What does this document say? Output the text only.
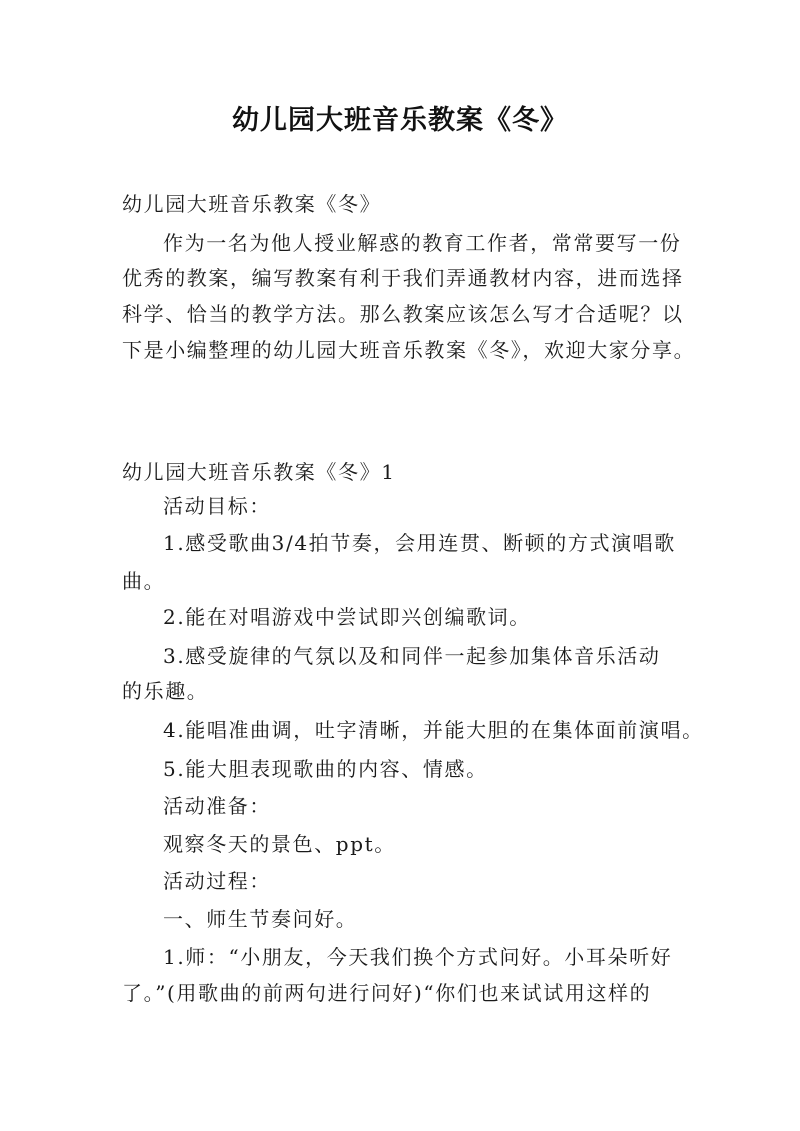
幼儿园大班音乐教案《冬》
幼儿园大班音乐教案《冬》
作为一名为他人授业解惑的教育工作者，常常要写一份
优秀的教案，编写教案有利于我们弄通教材内容，进而选择
科学、恰当的教学方法。那么教案应该怎么写才合适呢？以
下是小编整理的幼儿园大班音乐教案《冬》，欢迎大家分享。
幼儿园大班音乐教案《冬》1
活动目标：
1.感受歌曲3/4拍节奏，会用连贯、断顿的方式演唱歌
曲。
2.能在对唱游戏中尝试即兴创编歌词。
3.感受旋律的气氛以及和同伴一起参加集体音乐活动
的乐趣。
4.能唱准曲调，吐字清晰，并能大胆的在集体面前演唱。
5.能大胆表现歌曲的内容、情感。
活动准备：
观察冬天的景色、ppt。
活动过程：
一、师生节奏问好。
1.师：“小朋友，今天我们换个方式问好。小耳朵听好
了。”(用歌曲的前两句进行问好)“你们也来试试用这样的
